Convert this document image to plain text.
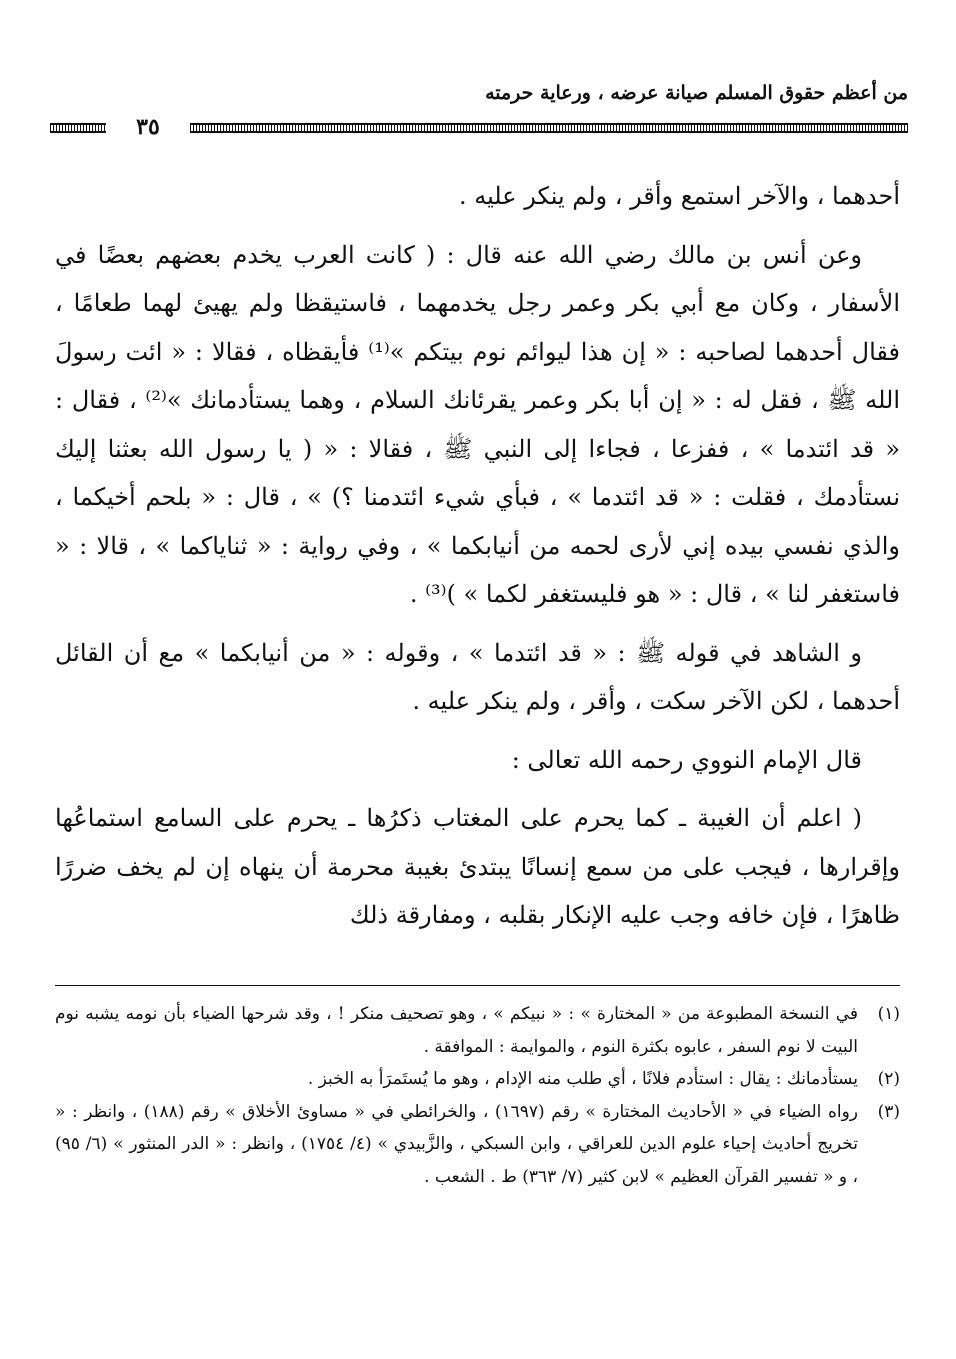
من أعظم حقوق المسلم صيانة عرضه ، ورعاية حرمته
٣٥

أحدهما ، والآخر استمع وأقر ، ولم ينكر عليه .

وعن أنس بن مالك رضي الله عنه قال : ( كانت العرب يخدم بعضهم بعضًا في الأسفار ، وكان مع أبي بكر وعمر رجل يخدمهما ، فاستيقظا ولم يهيئ لهما طعامًا ، فقال أحدهما لصاحبه : « إن هذا ليوائم نوم بيتكم »⁽¹⁾ فأيقظاه ، فقالا : « ائت رسولَ الله ﷺ ، فقل له : « إن أبا بكر وعمر يقرئانك السلام ، وهما يستأدمانك »⁽²⁾ ، فقال : « قد ائتدما » ، ففزعا ، فجاءا إلى النبي ﷺ ، فقالا : « ( يا رسول الله بعثنا إليك نستأدمك ، فقلت : « قد ائتدما » ، فبأي شيء ائتدمنا ؟) » ، قال : « بلحم أخيكما ، والذي نفسي بيده إني لأرى لحمه من أنيابكما » ، وفي رواية : « ثناياكما » ، قالا : « فاستغفر لنا » ، قال : « هو فليستغفر لكما » )⁽³⁾ .

و الشاهد في قوله ﷺ : « قد ائتدما » ، وقوله : « من أنيابكما » مع أن القائل أحدهما ، لكن الآخر سكت ، وأقر ، ولم ينكر عليه .

قال الإمام النووي رحمه الله تعالى :

( اعلم أن الغيبة ـ كما يحرم على المغتاب ذكرُها ـ يحرم على السامع استماعُها وإقرارها ، فيجب على من سمع إنسانًا يبتدئ بغيبة محرمة أن ينهاه إن لم يخف ضررًا ظاهرًا ، فإن خافه وجب عليه الإنكار بقلبه ، ومفارقة ذلك

(١)
في النسخة المطبوعة من « المختارة » : « نبيكم » ، وهو تصحيف منكر ! ، وقد شرحها الضياء بأن نومه يشبه نوم البيت لا نوم السفر ، عابوه بكثرة النوم ، والموايمة : الموافقة .
(٢)
يستأدمانك : يقال : استأدم فلانًا ، أي طلب منه الإدام ، وهو ما يُستَمرَأ به الخبز .
(٣)
رواه الضياء في « الأحاديث المختارة » رقم (١٦٩٧) ، والخرائطي في « مساوئ الأخلاق » رقم (١٨٨) ، وانظر : « تخريج أحاديث إحياء علوم الدين للعراقي ، وابن السبكي ، والزَّبيدي » (٤/ ١٧٥٤) ، وانظر : « الدر المنثور » (٦/ ٩٥) ، و « تفسير القرآن العظيم » لابن كثير (٧/ ٣٦٣) ط . الشعب .
